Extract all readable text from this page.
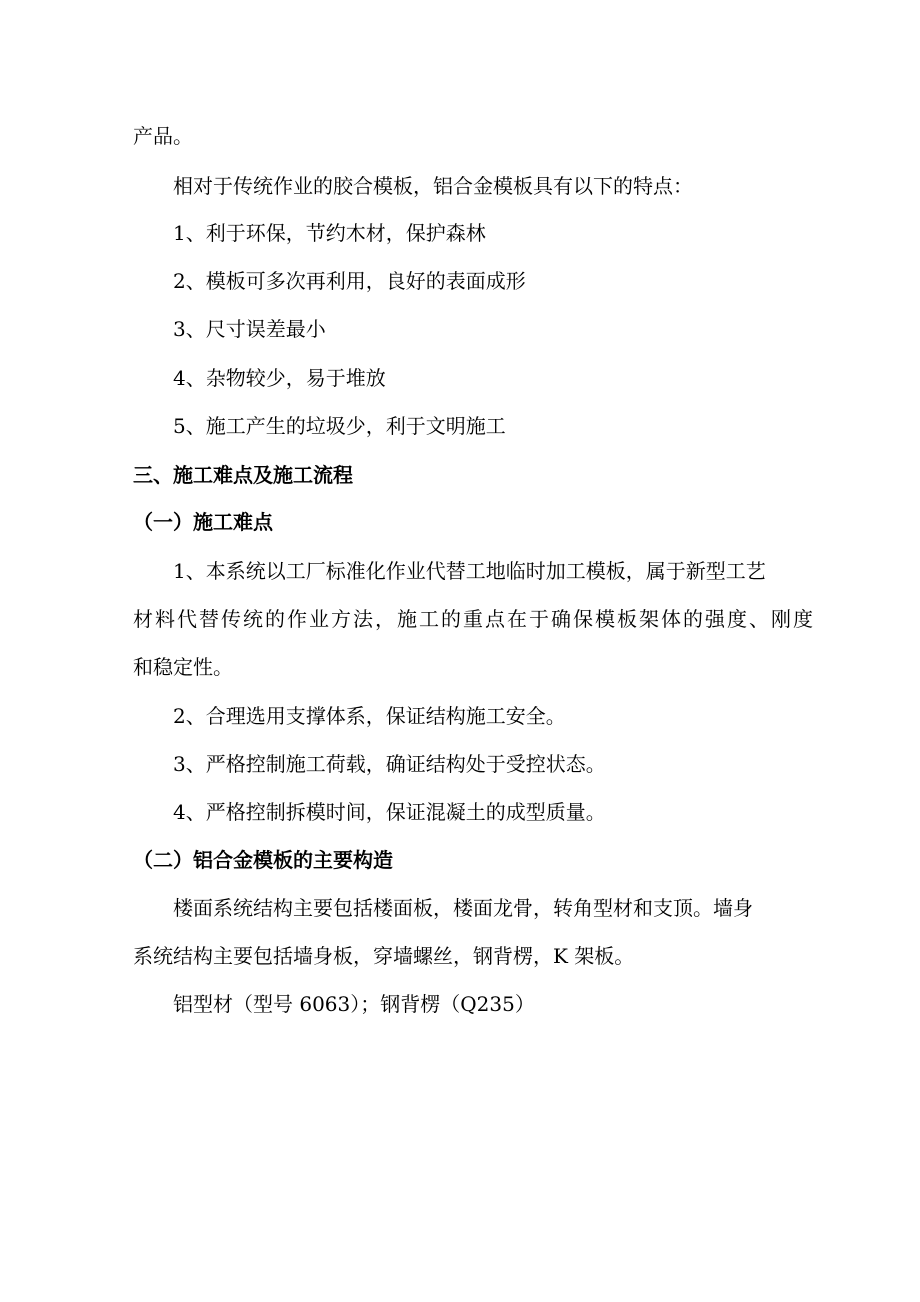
产品。

相对于传统作业的胶合模板，铝合金模板具有以下的特点：

1、利于环保，节约木材，保护森林

2、模板可多次再利用，良好的表面成形

3、尺寸误差最小

4、杂物较少，易于堆放

5、施工产生的垃圾少，利于文明施工

三、施工难点及施工流程

（一）施工难点

1、本系统以工厂标准化作业代替工地临时加工模板，属于新型工艺

材料代替传统的作业方法，施工的重点在于确保模板架体的强度、刚度

和稳定性。

2、合理选用支撑体系，保证结构施工安全。

3、严格控制施工荷载，确证结构处于受控状态。

4、严格控制拆模时间，保证混凝土的成型质量。

（二）铝合金模板的主要构造

楼面系统结构主要包括楼面板，楼面龙骨，转角型材和支顶。墙身

系统结构主要包括墙身板，穿墙螺丝，钢背楞，K 架板。

铝型材（型号 6063）；钢背楞（Q235）
